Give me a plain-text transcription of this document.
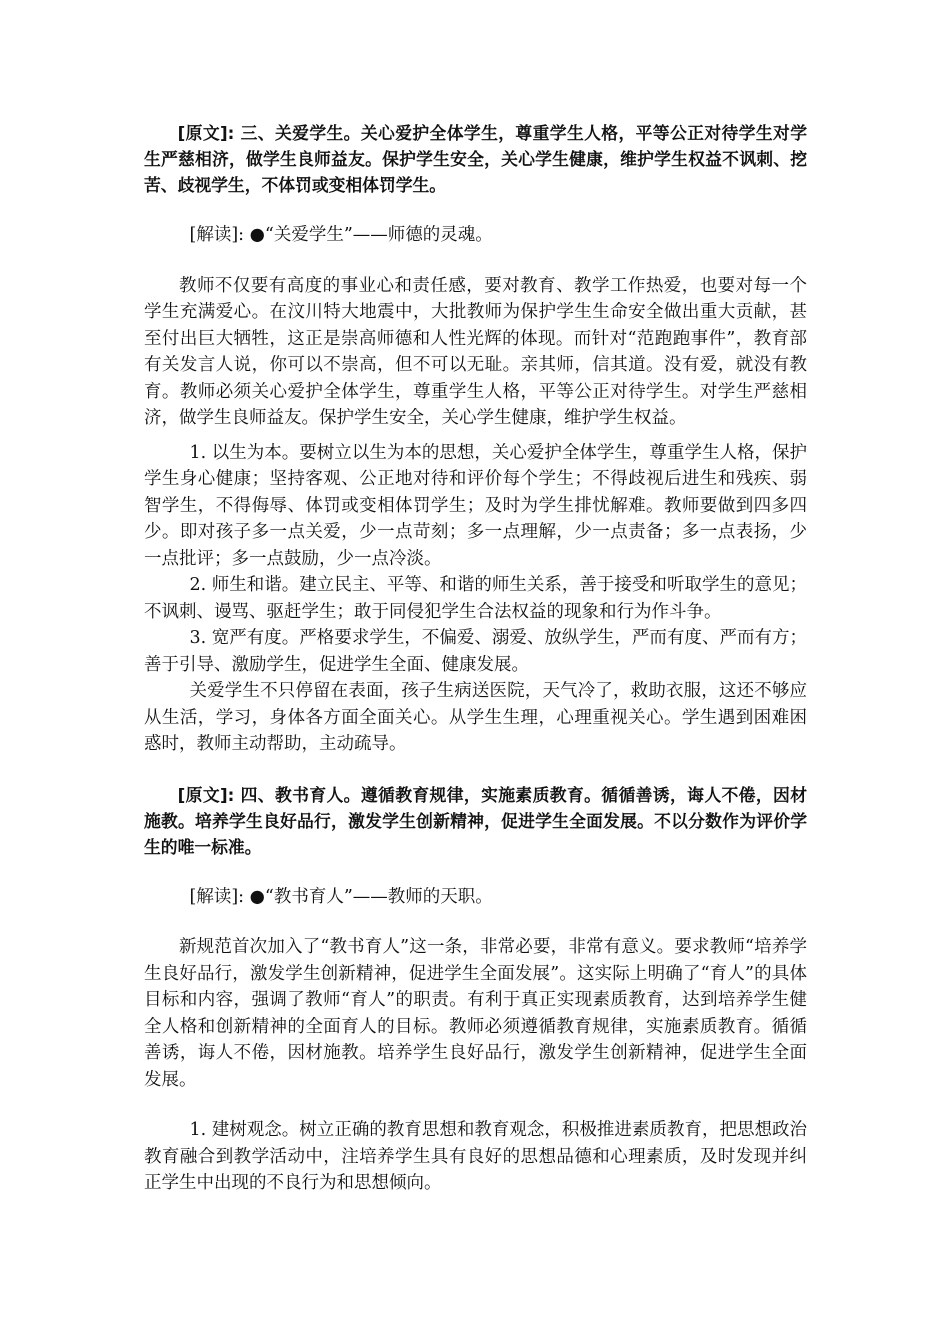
[原文]: 三、关爱学生。关心爱护全体学生，尊重学生人格，平等公正对待学生对学生严慈相济，做学生良师益友。保护学生安全，关心学生健康，维护学生权益不讽刺、挖苦、歧视学生，不体罚或变相体罚学生。

[解读]: ●“关爱学生”——师德的灵魂。

教师不仅要有高度的事业心和责任感，要对教育、教学工作热爱，也要对每一个学生充满爱心。在汶川特大地震中，大批教师为保护学生生命安全做出重大贡献，甚至付出巨大牺牲，这正是崇高师德和人性光辉的体现。而针对“范跑跑事件”，教育部有关发言人说，你可以不崇高，但不可以无耻。亲其师，信其道。没有爱，就没有教育。教师必须关心爱护全体学生，尊重学生人格，平等公正对待学生。对学生严慈相济，做学生良师益友。保护学生安全，关心学生健康，维护学生权益。

1. 以生为本。要树立以生为本的思想，关心爱护全体学生，尊重学生人格，保护学生身心健康；坚持客观、公正地对待和评价每个学生；不得歧视后进生和残疾、弱智学生，不得侮辱、体罚或变相体罚学生；及时为学生排忧解难。教师要做到四多四少。即对孩子多一点关爱，少一点苛刻；多一点理解，少一点责备；多一点表扬，少一点批评；多一点鼓励，少一点冷淡。

2. 师生和谐。建立民主、平等、和谐的师生关系，善于接受和听取学生的意见；不讽刺、谩骂、驱赶学生；敢于同侵犯学生合法权益的现象和行为作斗争。

3. 宽严有度。严格要求学生，不偏爱、溺爱、放纵学生，严而有度、严而有方；善于引导、激励学生，促进学生全面、健康发展。

关爱学生不只停留在表面，孩子生病送医院，天气冷了，救助衣服，这还不够应从生活，学习，身体各方面全面关心。从学生生理，心理重视关心。学生遇到困难困惑时，教师主动帮助，主动疏导。

[原文]: 四、教书育人。遵循教育规律，实施素质教育。循循善诱，诲人不倦，因材施教。培养学生良好品行，激发学生创新精神，促进学生全面发展。不以分数作为评价学生的唯一标准。

[解读]: ●“教书育人”——教师的天职。

新规范首次加入了“教书育人”这一条，非常必要，非常有意义。要求教师“培养学生良好品行，激发学生创新精神，促进学生全面发展”。这实际上明确了“育人”的具体目标和内容，强调了教师“育人”的职责。有利于真正实现素质教育，达到培养学生健全人格和创新精神的全面育人的目标。教师必须遵循教育规律，实施素质教育。循循善诱，诲人不倦，因材施教。培养学生良好品行，激发学生创新精神，促进学生全面发展。

1. 建树观念。树立正确的教育思想和教育观念，积极推进素质教育，把思想政治教育融合到教学活动中，注培养学生具有良好的思想品德和心理素质，及时发现并纠正学生中出现的不良行为和思想倾向。
